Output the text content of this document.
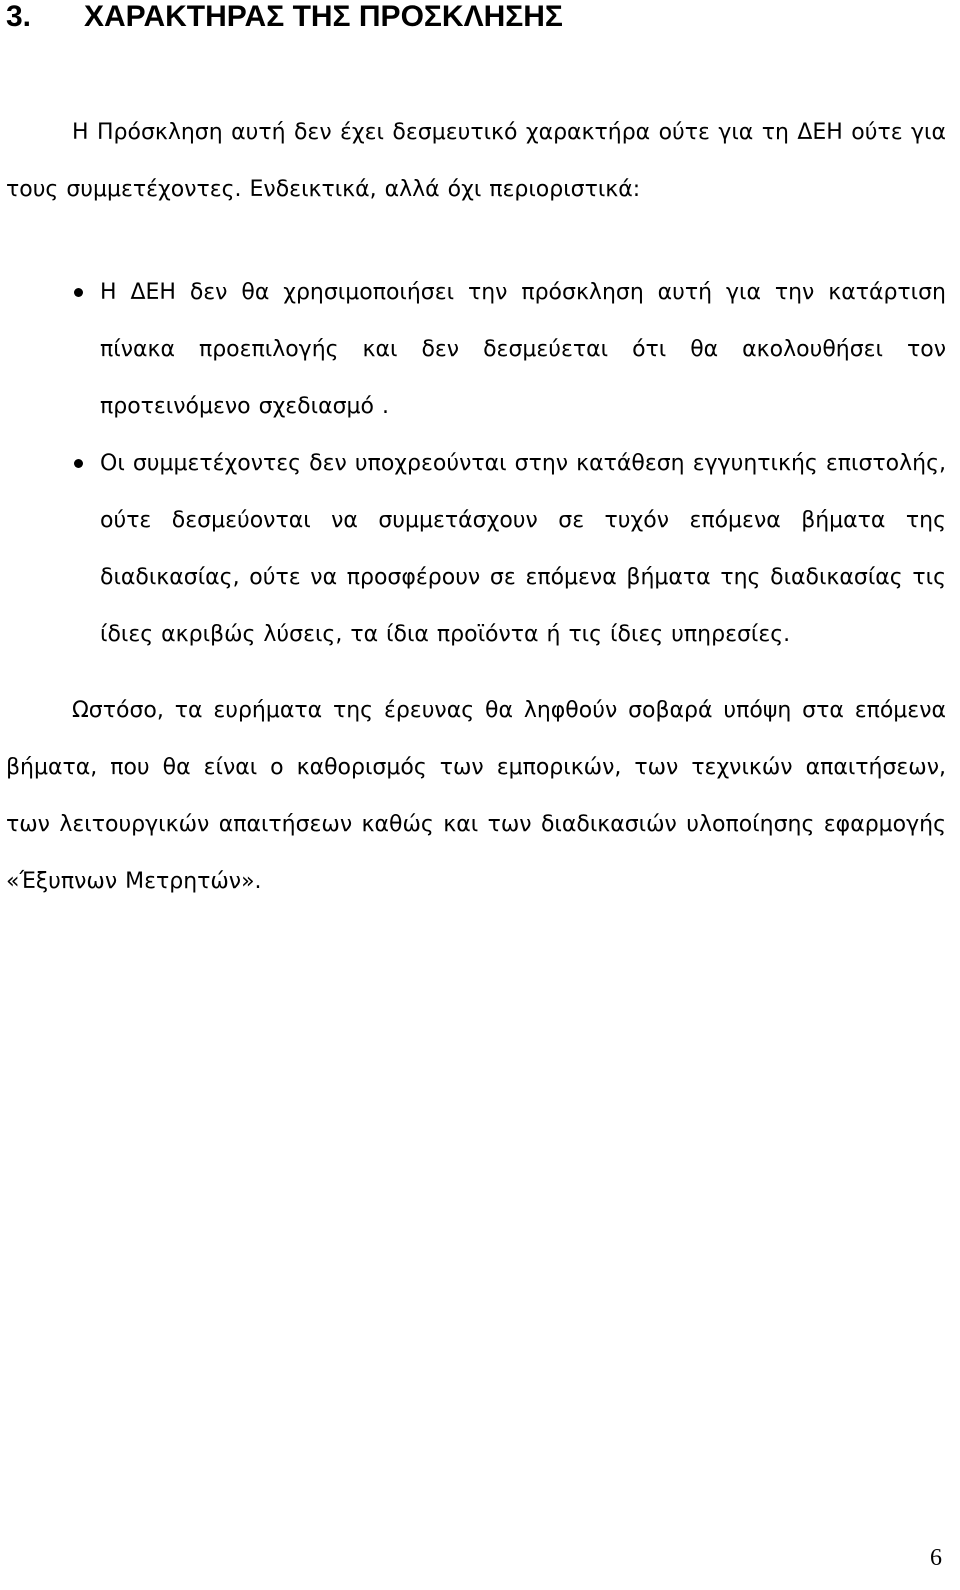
3. ΧΑΡΑΚΤΗΡΑΣ ΤΗΣ ΠΡΟΣΚΛΗΣΗΣ

Η Πρόσκληση αυτή δεν έχει δεσμευτικό χαρακτήρα ούτε για τη ΔΕΗ ούτε για τους συμμετέχοντες. Ενδεικτικά, αλλά όχι περιοριστικά:

Η ΔΕΗ δεν θα χρησιμοποιήσει την πρόσκληση αυτή για την κατάρτιση πίνακα προεπιλογής και δεν δεσμεύεται ότι θα ακολουθήσει τον προτεινόμενο σχεδιασμό .
Οι συμμετέχοντες δεν υποχρεούνται στην κατάθεση εγγυητικής επιστολής, ούτε δεσμεύονται να συμμετάσχουν σε τυχόν επόμενα βήματα της διαδικασίας, ούτε να προσφέρουν σε επόμενα βήματα της διαδικασίας τις ίδιες ακριβώς λύσεις, τα ίδια προϊόντα ή τις ίδιες υπηρεσίες.

Ωστόσο, τα ευρήματα της έρευνας θα ληφθούν σοβαρά υπόψη στα επόμενα βήματα, που θα είναι ο καθορισμός των εμπορικών, των τεχνικών απαιτήσεων, των λειτουργικών απαιτήσεων καθώς και των διαδικασιών υλοποίησης εφαρμογής «Έξυπνων Μετρητών».

6
